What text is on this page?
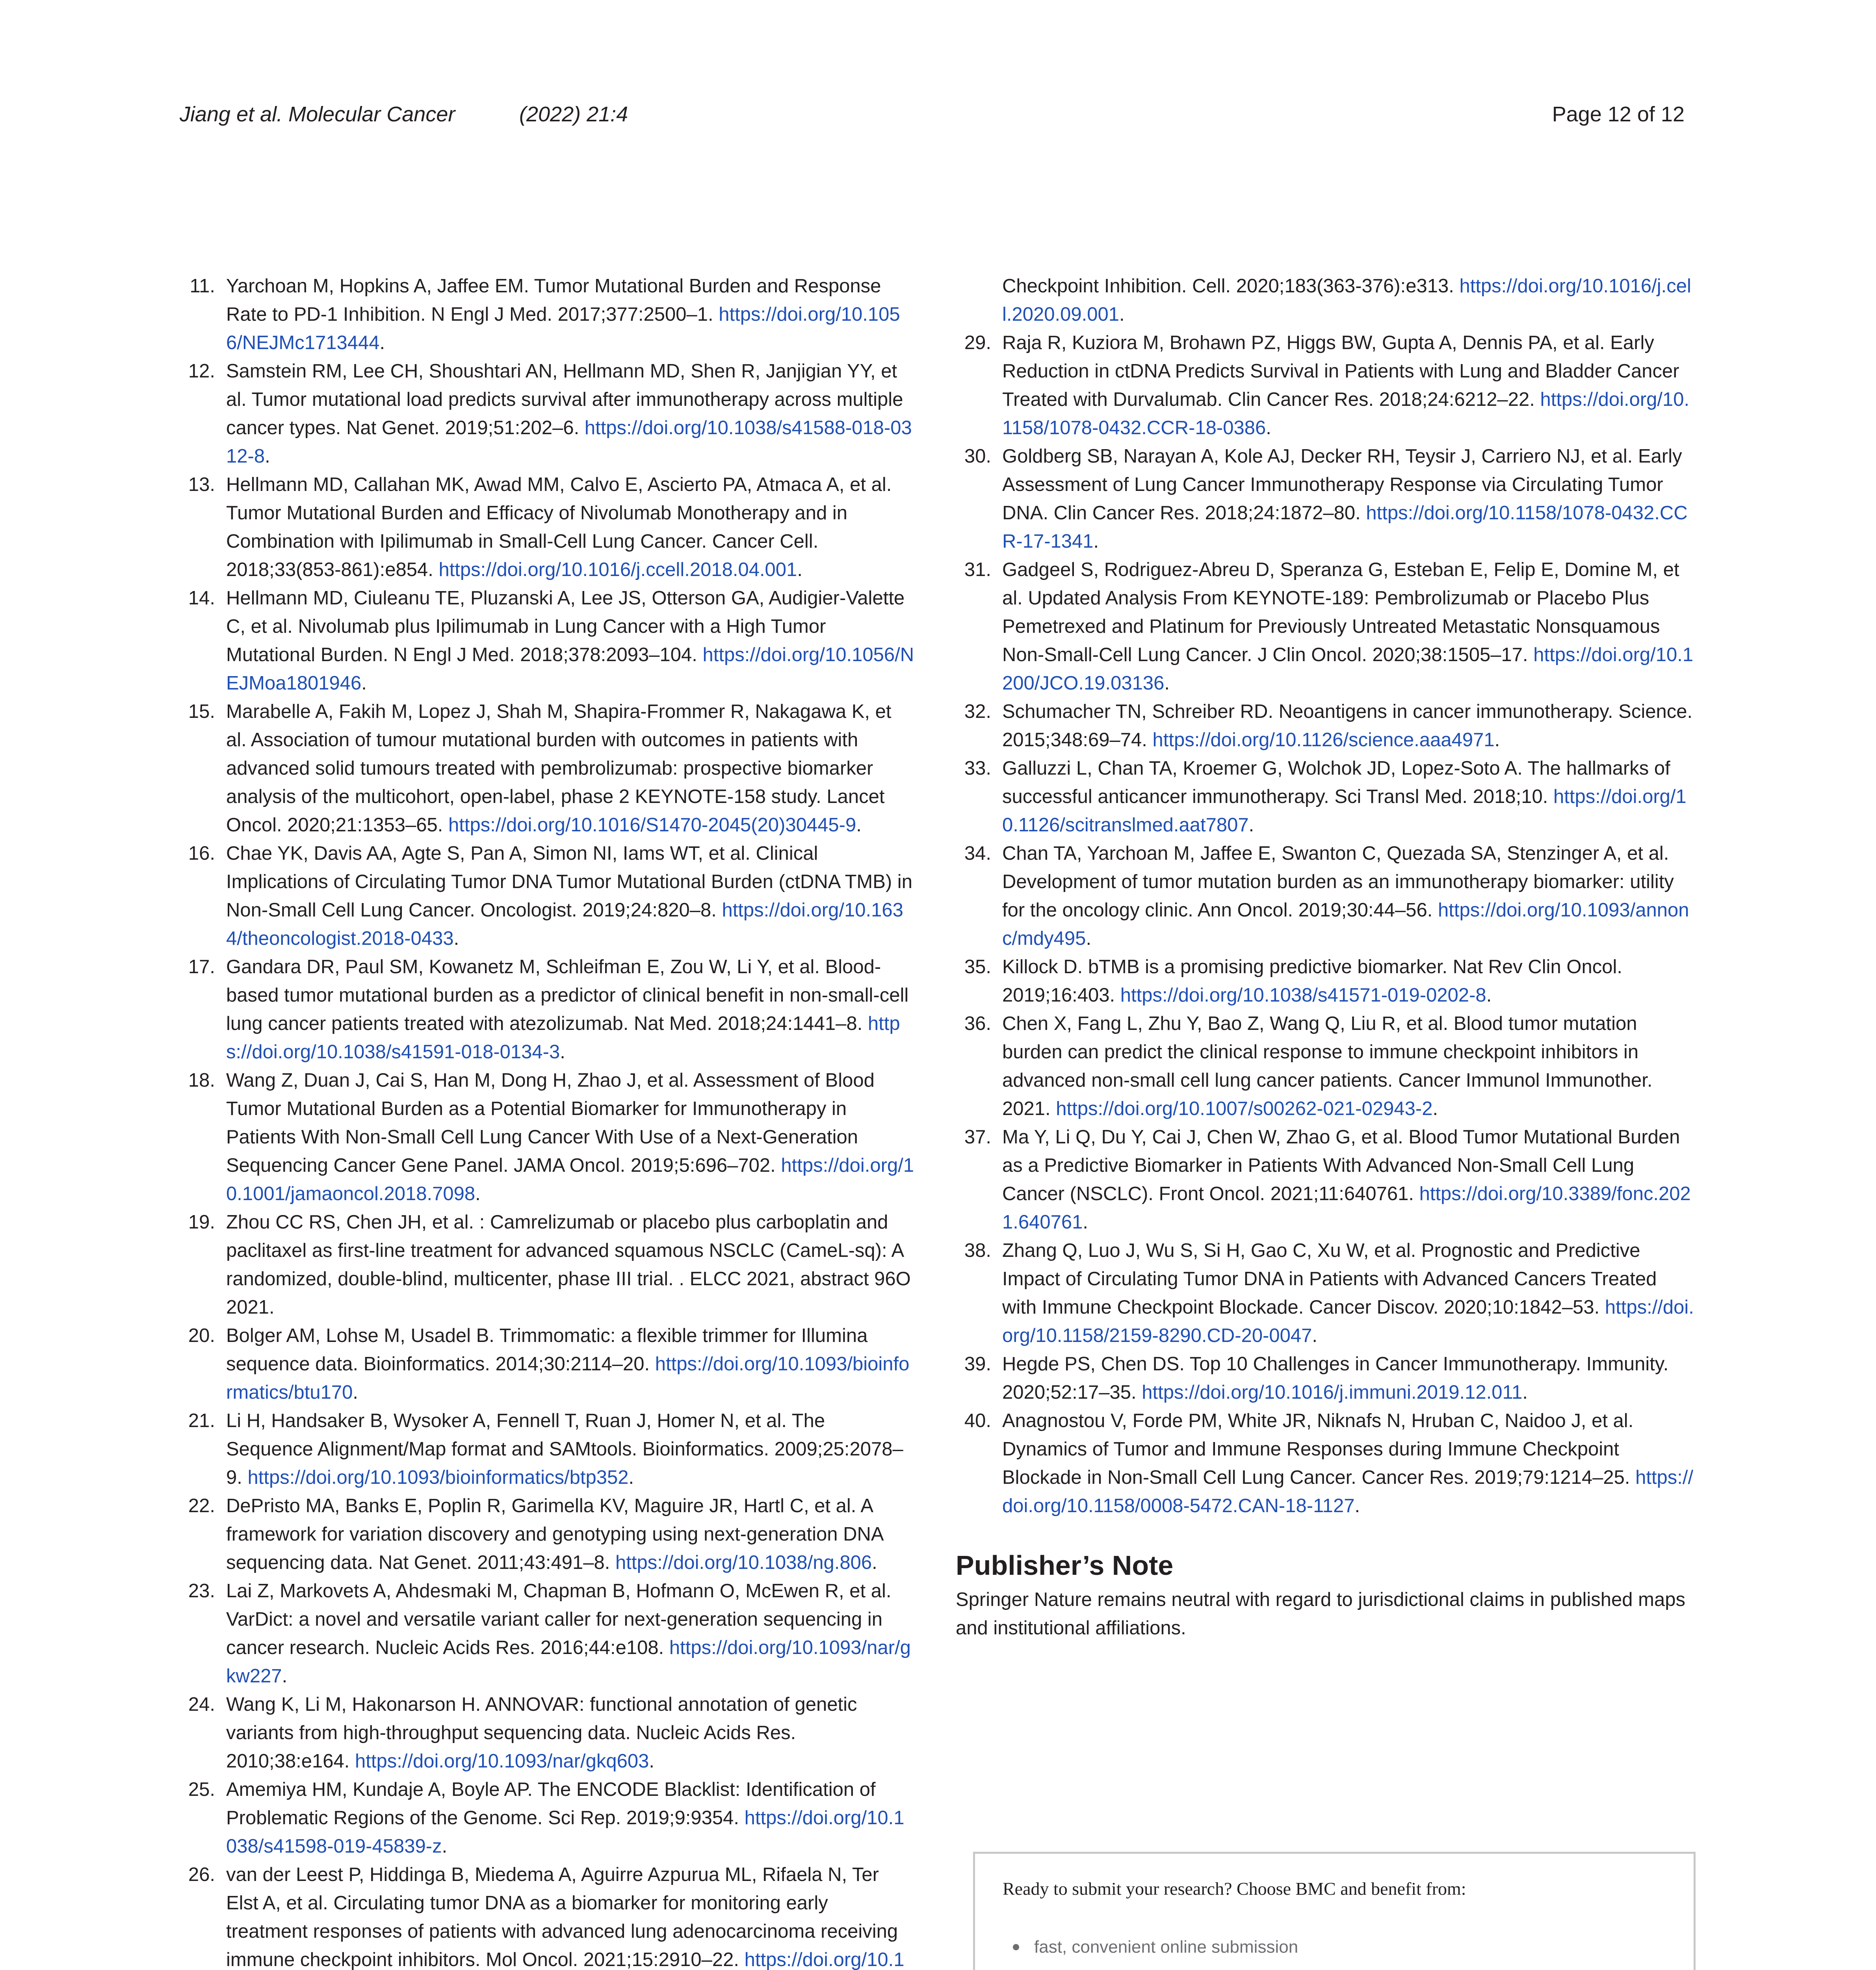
Jiang et al. Molecular Cancer	(2022) 21:4	Page 12 of 12
11. Yarchoan M, Hopkins A, Jaffee EM. Tumor Mutational Burden and Response Rate to PD-1 Inhibition. N Engl J Med. 2017;377:2500–1. https://doi.org/10.1056/NEJMc1713444.
12. Samstein RM, Lee CH, Shoushtari AN, Hellmann MD, Shen R, Janjigian YY, et al. Tumor mutational load predicts survival after immunotherapy across multiple cancer types. Nat Genet. 2019;51:202–6. https://doi.org/10.1038/s41588-018-0312-8.
13. Hellmann MD, Callahan MK, Awad MM, Calvo E, Ascierto PA, Atmaca A, et al. Tumor Mutational Burden and Efficacy of Nivolumab Monotherapy and in Combination with Ipilimumab in Small-Cell Lung Cancer. Cancer Cell. 2018;33(853-861):e854. https://doi.org/10.1016/j.ccell.2018.04.001.
14. Hellmann MD, Ciuleanu TE, Pluzanski A, Lee JS, Otterson GA, Audigier-Valette C, et al. Nivolumab plus Ipilimumab in Lung Cancer with a High Tumor Mutational Burden. N Engl J Med. 2018;378:2093–104. https://doi.org/10.1056/NEJMoa1801946.
15. Marabelle A, Fakih M, Lopez J, Shah M, Shapira-Frommer R, Nakagawa K, et al. Association of tumour mutational burden with outcomes in patients with advanced solid tumours treated with pembrolizumab: prospective biomarker analysis of the multicohort, open-label, phase 2 KEYNOTE-158 study. Lancet Oncol. 2020;21:1353–65. https://doi.org/10.1016/S1470-2045(20)30445-9.
16. Chae YK, Davis AA, Agte S, Pan A, Simon NI, Iams WT, et al. Clinical Implications of Circulating Tumor DNA Tumor Mutational Burden (ctDNA TMB) in Non-Small Cell Lung Cancer. Oncologist. 2019;24:820–8. https://doi.org/10.1634/theoncologist.2018-0433.
17. Gandara DR, Paul SM, Kowanetz M, Schleifman E, Zou W, Li Y, et al. Blood-based tumor mutational burden as a predictor of clinical benefit in non-small-cell lung cancer patients treated with atezolizumab. Nat Med. 2018;24:1441–8. https://doi.org/10.1038/s41591-018-0134-3.
18. Wang Z, Duan J, Cai S, Han M, Dong H, Zhao J, et al. Assessment of Blood Tumor Mutational Burden as a Potential Biomarker for Immunotherapy in Patients With Non-Small Cell Lung Cancer With Use of a Next-Generation Sequencing Cancer Gene Panel. JAMA Oncol. 2019;5:696–702. https://doi.org/10.1001/jamaoncol.2018.7098.
19. Zhou CC RS, Chen JH, et al. : Camrelizumab or placebo plus carboplatin and paclitaxel as first-line treatment for advanced squamous NSCLC (CameL-sq): A randomized, double-blind, multicenter, phase III trial. . ELCC 2021, abstract 96O 2021.
20. Bolger AM, Lohse M, Usadel B. Trimmomatic: a flexible trimmer for Illumina sequence data. Bioinformatics. 2014;30:2114–20. https://doi.org/10.1093/bioinformatics/btu170.
21. Li H, Handsaker B, Wysoker A, Fennell T, Ruan J, Homer N, et al. The Sequence Alignment/Map format and SAMtools. Bioinformatics. 2009;25:2078–9. https://doi.org/10.1093/bioinformatics/btp352.
22. DePristo MA, Banks E, Poplin R, Garimella KV, Maguire JR, Hartl C, et al. A framework for variation discovery and genotyping using next-generation DNA sequencing data. Nat Genet. 2011;43:491–8. https://doi.org/10.1038/ng.806.
23. Lai Z, Markovets A, Ahdesmaki M, Chapman B, Hofmann O, McEwen R, et al. VarDict: a novel and versatile variant caller for next-generation sequencing in cancer research. Nucleic Acids Res. 2016;44:e108. https://doi.org/10.1093/nar/gkw227.
24. Wang K, Li M, Hakonarson H. ANNOVAR: functional annotation of genetic variants from high-throughput sequencing data. Nucleic Acids Res. 2010;38:e164. https://doi.org/10.1093/nar/gkq603.
25. Amemiya HM, Kundaje A, Boyle AP. The ENCODE Blacklist: Identification of Problematic Regions of the Genome. Sci Rep. 2019;9:9354. https://doi.org/10.1038/s41598-019-45839-z.
26. van der Leest P, Hiddinga B, Miedema A, Aguirre Azpurua ML, Rifaela N, Ter Elst A, et al. Circulating tumor DNA as a biomarker for monitoring early treatment responses of patients with advanced lung adenocarcinoma receiving immune checkpoint inhibitors. Mol Oncol. 2021;15:2910–22. https://doi.org/10.1
Checkpoint Inhibition. Cell. 2020;183(363-376):e313. https://doi.org/10.1016/j.cell.2020.09.001.
29. Raja R, Kuziora M, Brohawn PZ, Higgs BW, Gupta A, Dennis PA, et al. Early Reduction in ctDNA Predicts Survival in Patients with Lung and Bladder Cancer Treated with Durvalumab. Clin Cancer Res. 2018;24:6212–22. https://doi.org/10.1158/1078-0432.CCR-18-0386.
30. Goldberg SB, Narayan A, Kole AJ, Decker RH, Teysir J, Carriero NJ, et al. Early Assessment of Lung Cancer Immunotherapy Response via Circulating Tumor DNA. Clin Cancer Res. 2018;24:1872–80. https://doi.org/10.1158/1078-0432.CCR-17-1341.
31. Gadgeel S, Rodriguez-Abreu D, Speranza G, Esteban E, Felip E, Domine M, et al. Updated Analysis From KEYNOTE-189: Pembrolizumab or Placebo Plus Pemetrexed and Platinum for Previously Untreated Metastatic Nonsquamous Non-Small-Cell Lung Cancer. J Clin Oncol. 2020;38:1505–17. https://doi.org/10.1200/JCO.19.03136.
32. Schumacher TN, Schreiber RD. Neoantigens in cancer immunotherapy. Science. 2015;348:69–74. https://doi.org/10.1126/science.aaa4971.
33. Galluzzi L, Chan TA, Kroemer G, Wolchok JD, Lopez-Soto A. The hallmarks of successful anticancer immunotherapy. Sci Transl Med. 2018;10. https://doi.org/10.1126/scitranslmed.aat7807.
34. Chan TA, Yarchoan M, Jaffee E, Swanton C, Quezada SA, Stenzinger A, et al. Development of tumor mutation burden as an immunotherapy biomarker: utility for the oncology clinic. Ann Oncol. 2019;30:44–56. https://doi.org/10.1093/annonc/mdy495.
35. Killock D. bTMB is a promising predictive biomarker. Nat Rev Clin Oncol. 2019;16:403. https://doi.org/10.1038/s41571-019-0202-8.
36. Chen X, Fang L, Zhu Y, Bao Z, Wang Q, Liu R, et al. Blood tumor mutation burden can predict the clinical response to immune checkpoint inhibitors in advanced non-small cell lung cancer patients. Cancer Immunol Immunother. 2021. https://doi.org/10.1007/s00262-021-02943-2.
37. Ma Y, Li Q, Du Y, Cai J, Chen W, Zhao G, et al. Blood Tumor Mutational Burden as a Predictive Biomarker in Patients With Advanced Non-Small Cell Lung Cancer (NSCLC). Front Oncol. 2021;11:640761. https://doi.org/10.3389/fonc.2021.640761.
38. Zhang Q, Luo J, Wu S, Si H, Gao C, Xu W, et al. Prognostic and Predictive Impact of Circulating Tumor DNA in Patients with Advanced Cancers Treated with Immune Checkpoint Blockade. Cancer Discov. 2020;10:1842–53. https://doi.org/10.1158/2159-8290.CD-20-0047.
39. Hegde PS, Chen DS. Top 10 Challenges in Cancer Immunotherapy. Immunity. 2020;52:17–35. https://doi.org/10.1016/j.immuni.2019.12.011.
40. Anagnostou V, Forde PM, White JR, Niknafs N, Hruban C, Naidoo J, et al. Dynamics of Tumor and Immune Responses during Immune Checkpoint Blockade in Non-Small Cell Lung Cancer. Cancer Res. 2019;79:1214–25. https://doi.org/10.1158/0008-5472.CAN-18-1127.
Publisher’s Note
Springer Nature remains neutral with regard to jurisdictional claims in published maps and institutional affiliations.
Ready to submit your research? Choose BMC and benefit from:
fast, convenient online submission
